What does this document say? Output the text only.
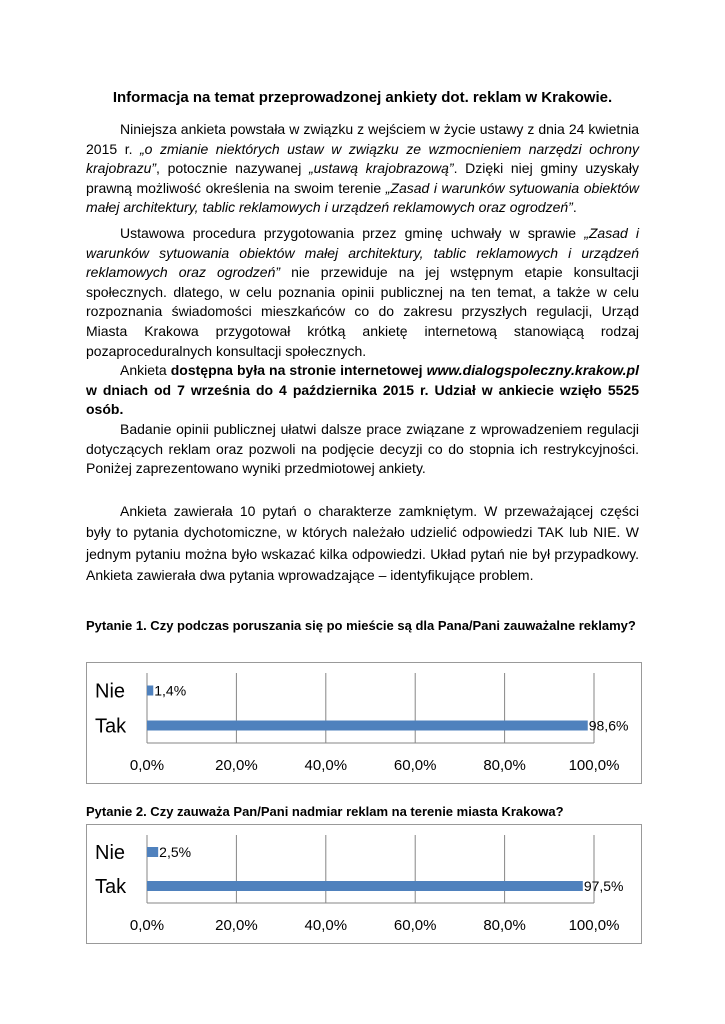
Informacja na temat przeprowadzonej ankiety dot. reklam w Krakowie.

Niniejsza ankieta powstała w związku z wejściem w życie ustawy z dnia 24 kwietnia 2015 r. „o zmianie niektórych ustaw w związku ze wzmocnieniem narzędzi ochrony krajobrazu”, potocznie nazywanej „ustawą krajobrazową”. Dzięki niej gminy uzyskały prawną możliwość określenia na swoim terenie „Zasad i warunków sytuowania obiektów małej architektury, tablic reklamowych i urządzeń reklamowych oraz ogrodzeń”.

Ustawowa procedura przygotowania przez gminę uchwały w sprawie „Zasad i warunków sytuowania obiektów małej architektury, tablic reklamowych i urządzeń reklamowych oraz ogrodzeń” nie przewiduje na jej wstępnym etapie konsultacji społecznych. dlatego, w celu poznania opinii publicznej na ten temat, a także w celu rozpoznania świadomości mieszkańców co do zakresu przyszłych regulacji, Urząd Miasta Krakowa przygotował krótką ankietę internetową stanowiącą rodzaj pozaproceduralnych konsultacji społecznych.

Ankieta dostępna była na stronie internetowej www.dialogspoleczny.krakow.pl w dniach od 7 września do 4 października 2015 r. Udział w ankiecie wzięło 5525 osób.

Badanie opinii publicznej ułatwi dalsze prace związane z wprowadzeniem regulacji dotyczących reklam oraz pozwoli na podjęcie decyzji co do stopnia ich restrykcyjności. Poniżej zaprezentowano wyniki przedmiotowej ankiety.

Ankieta zawierała 10 pytań o charakterze zamkniętym. W przeważającej części były to pytania dychotomiczne, w których należało udzielić odpowiedzi TAK lub NIE. W jednym pytaniu można było wskazać kilka odpowiedzi. Układ pytań nie był przypadkowy. Ankieta zawierała dwa pytania wprowadzające – identyfikujące problem.

Pytanie 1. Czy podczas poruszania się po mieście są dla Pana/Pani zauważalne reklamy?
0,0%	20,0%	40,0%	60,0%	80,0%	100,0%
Nie 1,4%
Tak	98,6%
Pytanie 2. Czy zauważa Pan/Pani nadmiar reklam na terenie miasta Krakowa?
0,0%	20,0%	40,0%	60,0%	80,0%	100,0%
Nie 2,5%
Tak	97,5%
